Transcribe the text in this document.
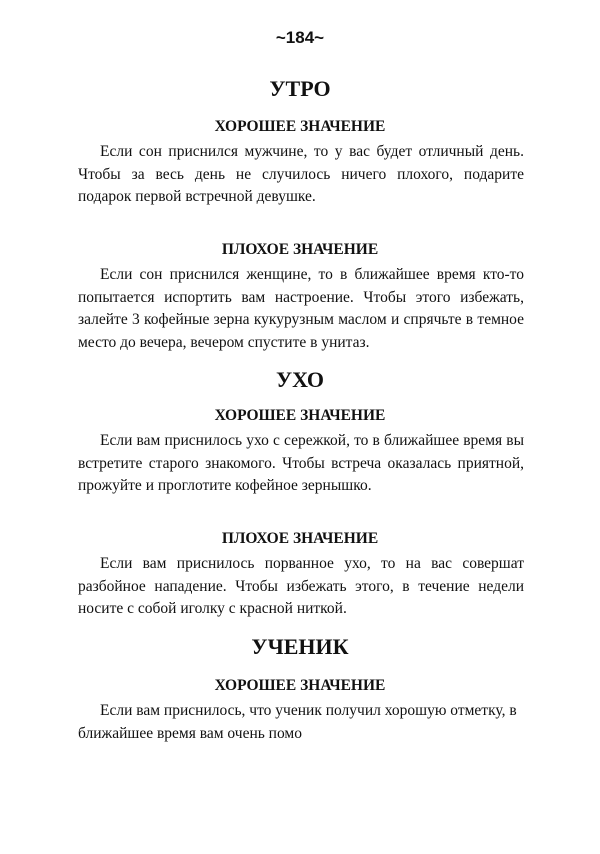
~184~
УТРО
ХОРОШЕЕ ЗНАЧЕНИЕ

Если сон приснился мужчине, то у вас будет отличный день. Чтобы за весь день не случилось ничего плохого, подарите подарок первой встречной девушке.

ПЛОХОЕ ЗНАЧЕНИЕ

Если сон приснился женщине, то в ближайшее время кто-то попытается испортить вам настроение. Чтобы этого избежать, залейте 3 кофейные зерна кукурузным маслом и спрячьте в темное место до вечера, вечером спустите в унитаз.

УХО
ХОРОШЕЕ ЗНАЧЕНИЕ

Если вам приснилось ухо с сережкой, то в ближайшее время вы встретите старого знакомого. Чтобы встреча оказалась приятной, прожуйте и проглотите кофейное зернышко.

ПЛОХОЕ ЗНАЧЕНИЕ

Если вам приснилось порванное ухо, то на вас совершат разбойное нападение. Чтобы избежать этого, в течение недели носите с собой иголку с красной ниткой.

УЧЕНИК
ХОРОШЕЕ ЗНАЧЕНИЕ

Если вам приснилось, что ученик получил хорошую отметку, в ближайшее время вам очень помо
